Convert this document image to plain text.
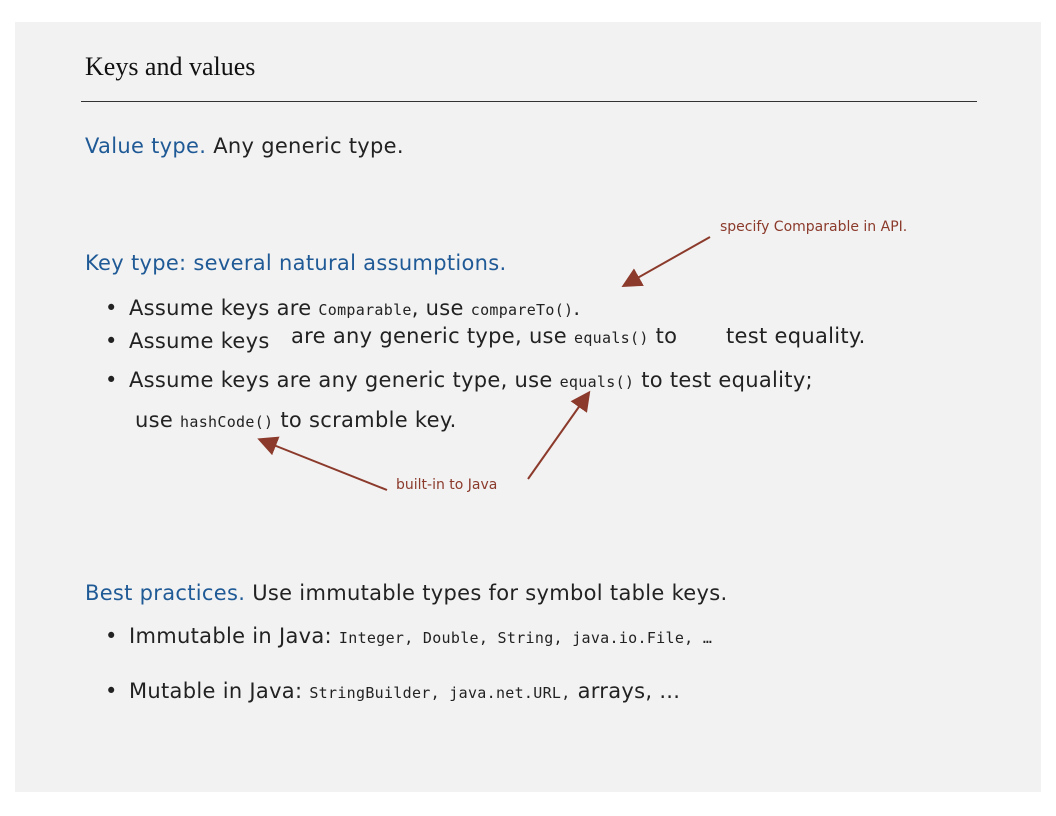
Keys and values
Value type. Any generic type.
specify Comparable in API.
Key type: several natural assumptions.
• Assume keys are Comparable, use compareTo().
• Assume keys are any generic type, use equals() to test equality.
• Assume keys are any generic type, use equals() to test equality;
use hashCode() to scramble key.
built-in to Java
Best practices. Use immutable types for symbol table keys.
• Immutable in Java: Integer, Double, String, java.io.File, …
• Mutable in Java: StringBuilder, java.net.URL, arrays, ...
